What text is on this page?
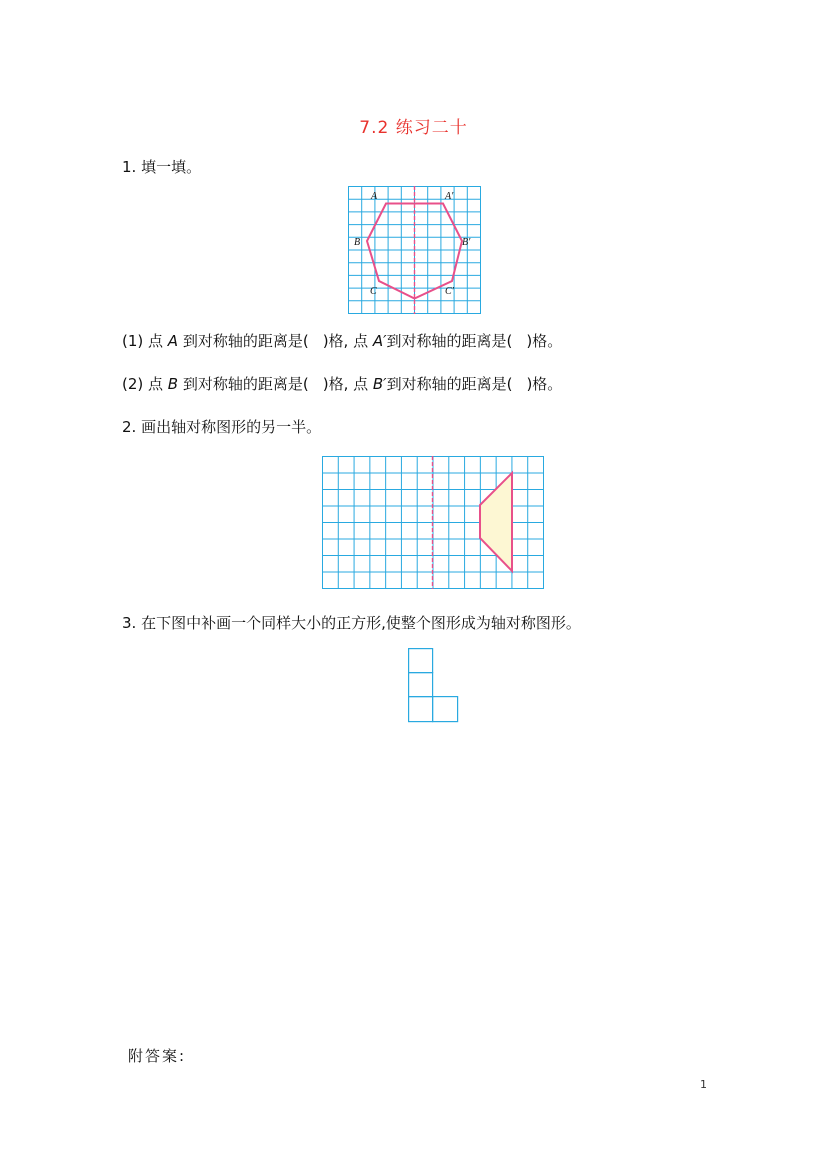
7.2 练习二十
1. 填一填。
A	A′
B	B′
C	C′
(1) 点 A 到对称轴的距离是( )格, 点 A′到对称轴的距离是( )格。
(2) 点 B 到对称轴的距离是( )格, 点 B′到对称轴的距离是( )格。
2. 画出轴对称图形的另一半。
3. 在下图中补画一个同样大小的正方形,使整个图形成为轴对称图形。
附答案:
1
